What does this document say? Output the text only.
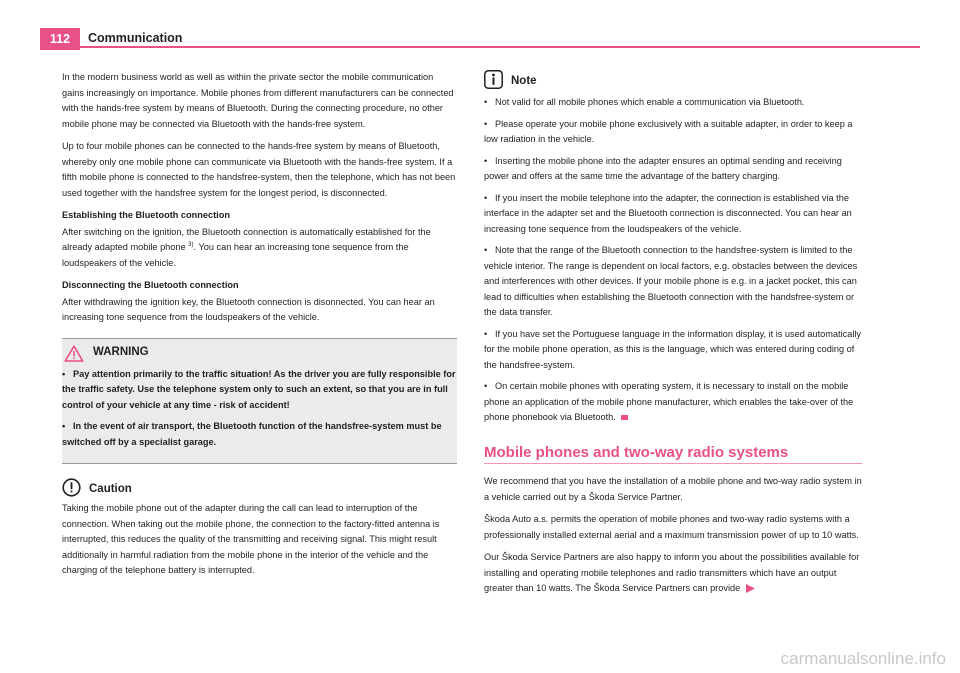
112	Communication

In the modern business world as well as within the private sector the mobile communication gains increasingly on importance. Mobile phones from different manufacturers can be connected with the hands-free system by means of Bluetooth. During the connecting procedure, no other mobile phone may be connected via Bluetooth with the hands-free system.

Up to four mobile phones can be connected to the hands-free system by means of Bluetooth, whereby only one mobile phone can communicate via Bluetooth with the hands-free system. If a fifth mobile phone is connected to the handsfree-system, then the telephone, which has not been used together with the handsfree system for the longest period, is disconnected.

Establishing the Bluetooth connection

After switching on the ignition, the Bluetooth connection is automatically established for the already adapted mobile phone $^{3)}$. You can hear an increasing tone sequence from the loudspeakers of the vehicle.

Disconnecting the Bluetooth connection

After withdrawing the ignition key, the Bluetooth connection is disonnected. You can hear an increasing tone sequence from the loudspeakers of the vehicle.

WARNING
• Pay attention primarily to the traffic situation! As the driver you are fully responsible for the traffic safety. Use the telephone system only to such an extent, so that you are in full control of your vehicle at any time - risk of accident!
• In the event of air transport, the Bluetooth function of the handsfree-system must be switched off by a specialist garage.
Caution

Taking the mobile phone out of the adapter during the call can lead to interruption of the connection. When taking out the mobile phone, the connection to the factory-fitted antenna is interrupted, this reduces the quality of the transmitting and receiving signal. This might result additionally in harmful radiation from the mobile phone in the interior of the vehicle and the charging of the telephone battery is interrupted.

Note
• Not valid for all mobile phones which enable a communication via Bluetooth.
• Please operate your mobile phone exclusively with a suitable adapter, in order to keep a low radiation in the vehicle.
• Inserting the mobile phone into the adapter ensures an optimal sending and receiving power and offers at the same time the advantage of the battery charging.
• If you insert the mobile telephone into the adapter, the connection is established via the interface in the adapter set and the Bluetooth connection is disconnected. You can hear an increasing tone sequence from the loudspeakers of the vehicle.
• Note that the range of the Bluetooth connection to the handsfree-system is limited to the vehicle interior. The range is dependent on local factors, e.g. obstacles between the devices and interferences with other devices. If your mobile phone is e.g. in a jacket pocket, this can lead to difficulties when establishing the Bluetooth connection with the handsfree-system or the data transfer.
• If you have set the Portuguese language in the information display, it is used automatically for the mobile phone operation, as this is the language, which was entered during coding of the handsfree-system.
• On certain mobile phones with operating system, it is necessary to install on the mobile phone an application of the mobile phone manufacturer, which enables the take-over of the phone phonebook via Bluetooth.
Mobile phones and two-way radio systems

We recommend that you have the installation of a mobile phone and two-way radio system in a vehicle carried out by a Škoda Service Partner.

Škoda Auto a.s. permits the operation of mobile phones and two-way radio systems with a professionally installed external aerial and a maximum transmission power of up to 10 watts.

Our Škoda Service Partners are also happy to inform you about the possibilities available for installing and operating mobile telephones and radio transmitters which have an output greater than 10 watts. The Škoda Service Partners can provide

carmanualsonline.info
